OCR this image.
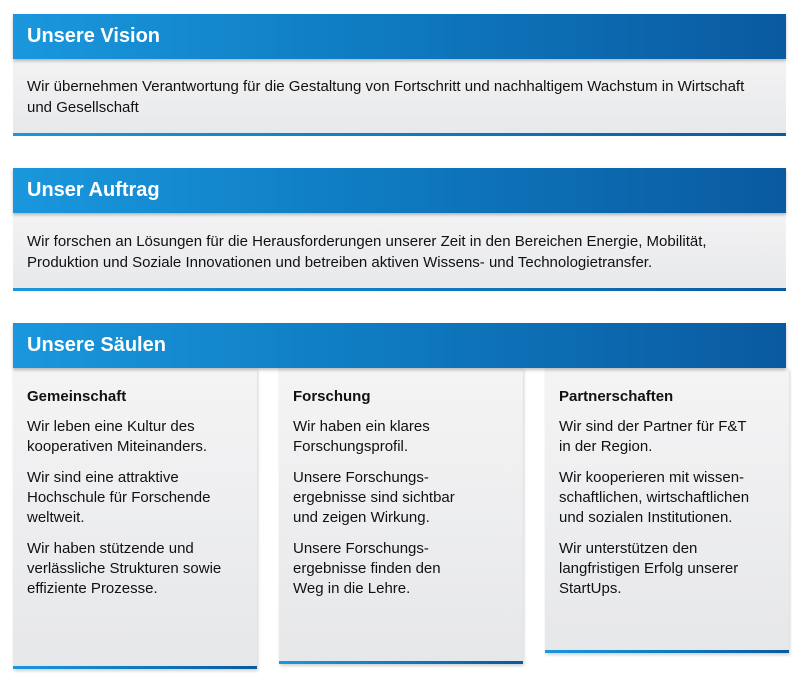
Unsere Vision
Wir übernehmen Verantwortung für die Gestaltung von Fortschritt und nachhaltigem Wachstum in Wirtschaft und Gesellschaft
Unser Auftrag
Wir forschen an Lösungen für die Herausforderungen unserer Zeit in den Bereichen Energie, Mobilität, Produktion und Soziale Innovationen und betreiben aktiven Wissens- und Technologietransfer.
Unsere Säulen
Gemeinschaft

Wir leben eine Kultur des
kooperativen Miteinanders.

Wir sind eine attraktive
Hochschule für Forschende
weltweit.

Wir haben stützende und
verlässliche Strukturen sowie
effiziente Prozesse.

Forschung

Wir haben ein klares
Forschungsprofil.

Unsere Forschungs-
ergebnisse sind sichtbar
und zeigen Wirkung.

Unsere Forschungs-
ergebnisse finden den
Weg in die Lehre.

Partnerschaften

Wir sind der Partner für F&T
in der Region.

Wir kooperieren mit wissen-
schaftlichen, wirtschaftlichen
und sozialen Institutionen.

Wir unterstützen den
langfristigen Erfolg unserer
StartUps.
